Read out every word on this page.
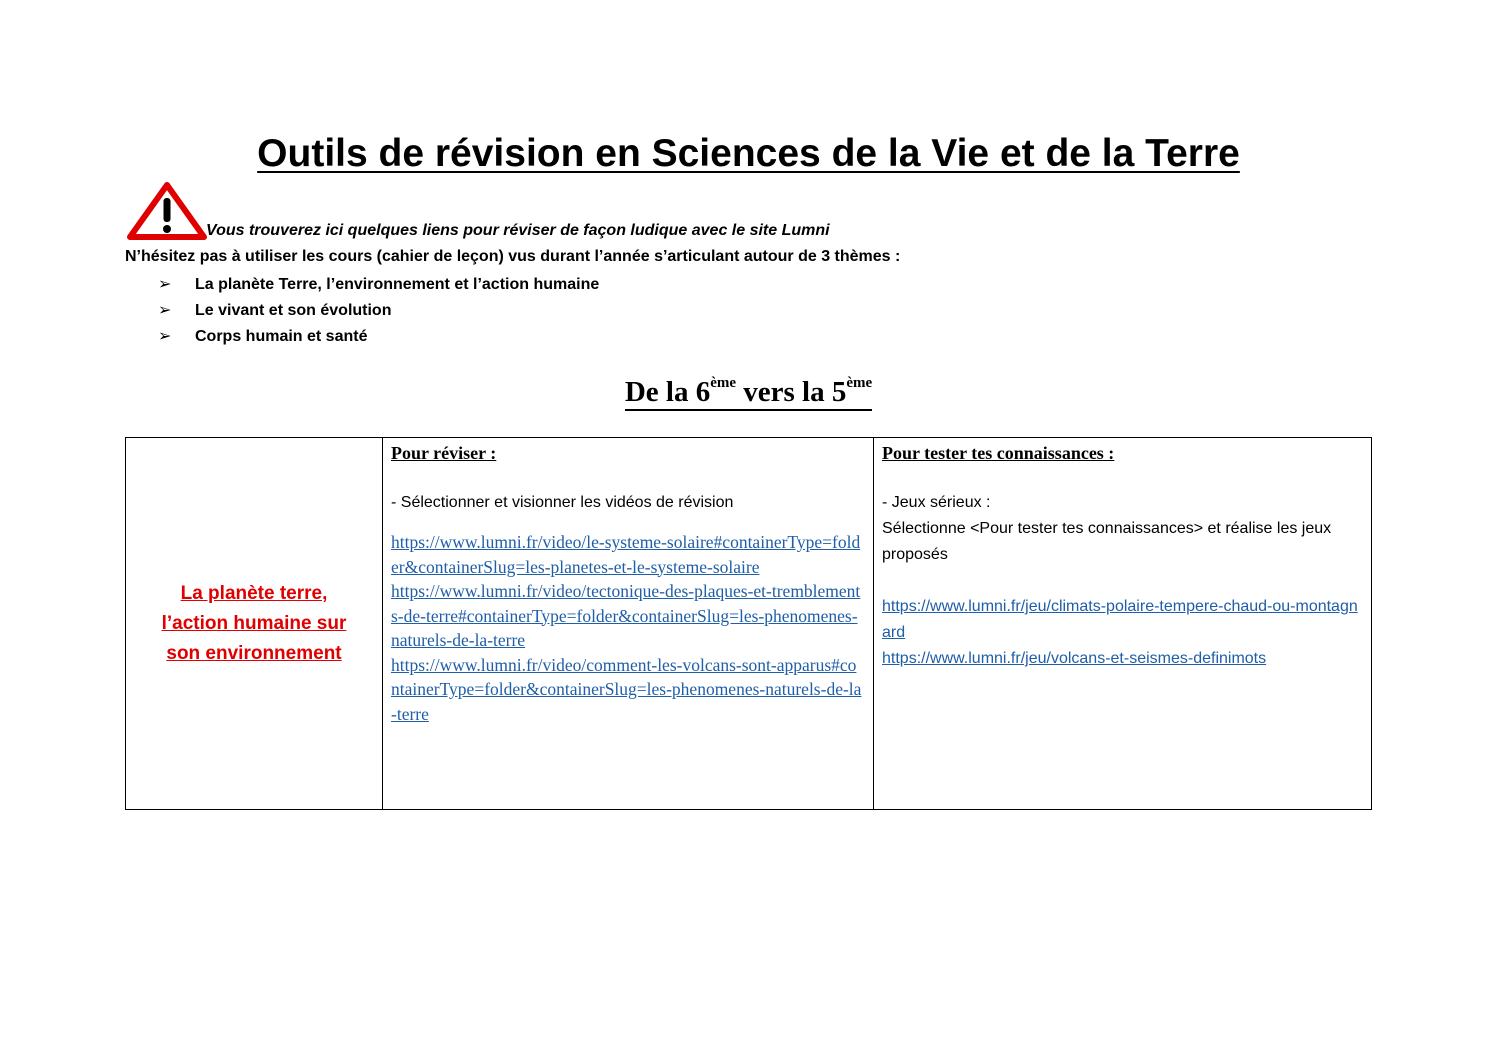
Outils de révision en Sciences de la Vie et de la Terre
Vous trouverez ici quelques liens pour réviser de façon ludique avec le site Lumni
N’hésitez pas à utiliser les cours (cahier de leçon) vus durant l’année s’articulant autour de 3 thèmes :
➢ La planète Terre, l’environnement et l’action humaine
➢ Le vivant et son évolution
➢ Corps humain et santé
De la 6ème vers la 5ème
La planète terre,
l’action humaine sur
son environnement

Pour réviser :
- Sélectionner et visionner les vidéos de révision
https://www.lumni.fr/video/le-systeme-solaire#containerType=folder&containerSlug=les-planetes-et-le-systeme-solaire
https://www.lumni.fr/video/tectonique-des-plaques-et-tremblements-de-terre#containerType=folder&containerSlug=les-phenomenes-naturels-de-la-terre
https://www.lumni.fr/video/comment-les-volcans-sont-apparus#containerType=folder&containerSlug=les-phenomenes-naturels-de-la-terre

Pour tester tes connaissances :
- Jeux sérieux :
Sélectionne <Pour tester tes connaissances> et réalise les jeux proposés
https://www.lumni.fr/jeu/climats-polaire-tempere-chaud-ou-montagnard
https://www.lumni.fr/jeu/volcans-et-seismes-definimots
